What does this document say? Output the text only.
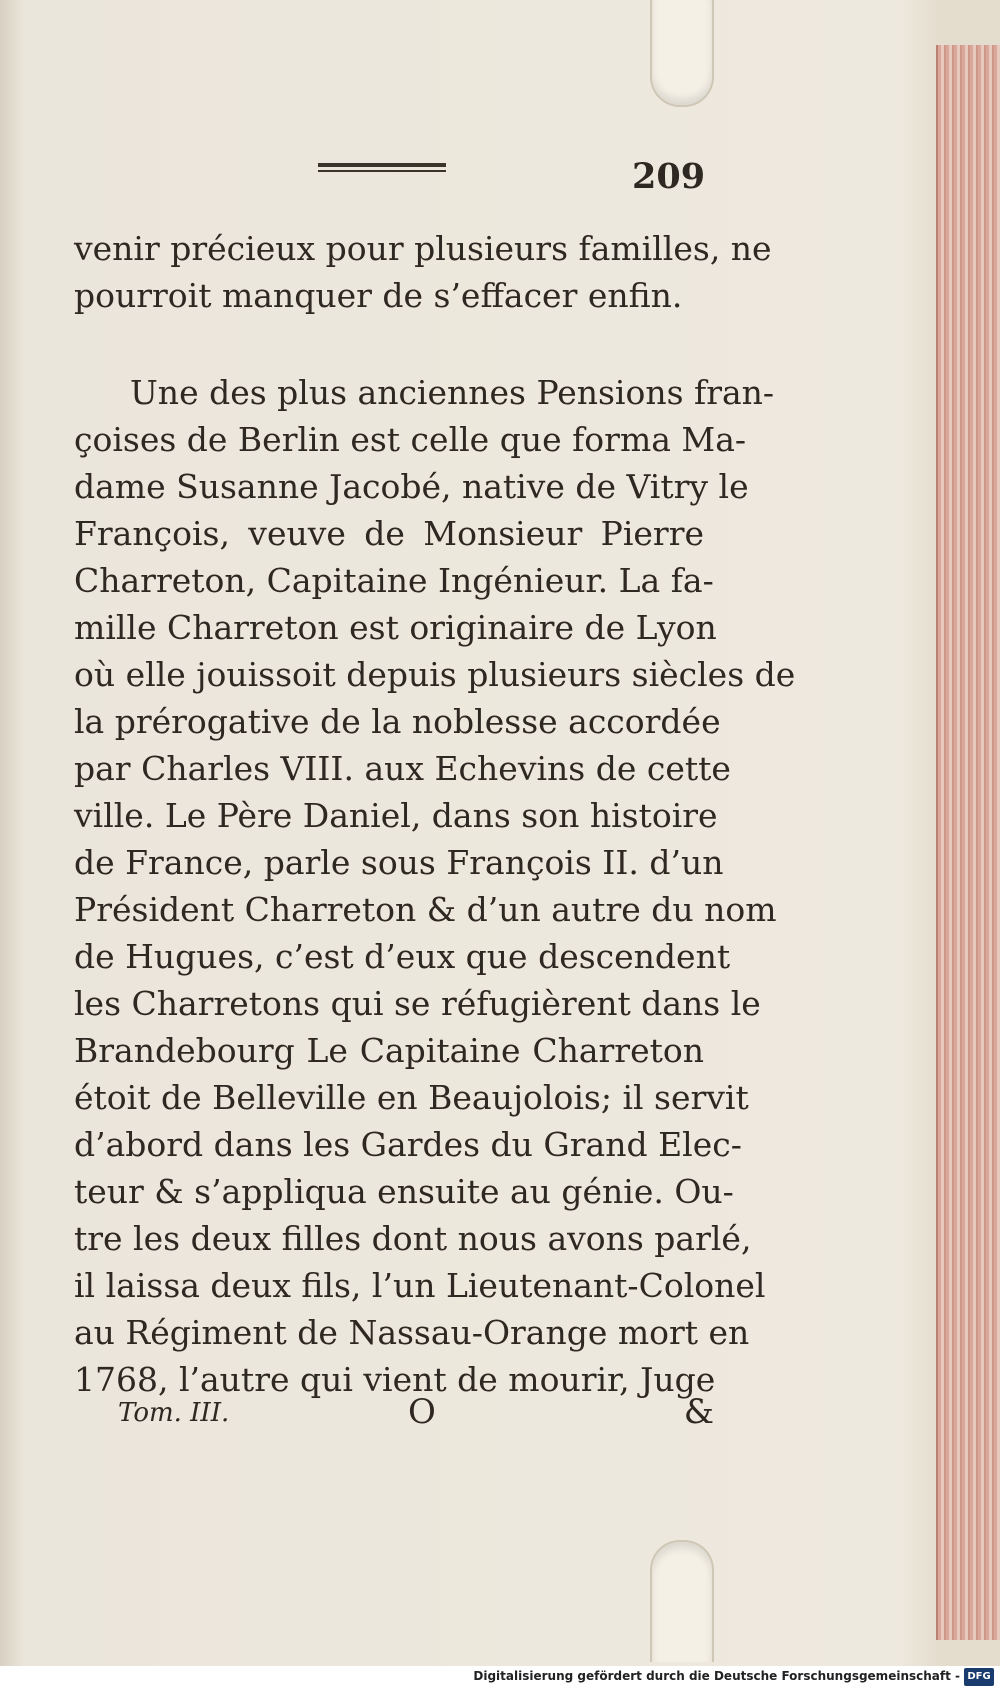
209
venir précieux pour plusieurs familles, ne
pourroit manquer de s’effacer enfin.
Une des plus anciennes Pensions fran-
çoises de Berlin est celle que forma Ma-
dame Susanne Jacobé, native de Vitry le
François, veuve de Monsieur Pierre
Charreton, Capitaine Ingénieur. La fa-
mille Charreton est originaire de Lyon
où elle jouissoit depuis plusieurs siècles de
la prérogative de la noblesse accordée
par Charles VIII. aux Echevins de cette
ville. Le Père Daniel, dans son histoire
de France, parle sous François II. d’un
Président Charreton & d’un autre du nom
de Hugues, c’est d’eux que descendent
les Charretons qui se réfugièrent dans le
Brandebourg Le Capitaine Charreton
étoit de Belleville en Beaujolois; il servit
d’abord dans les Gardes du Grand Elec-
teur & s’appliqua ensuite au génie. Ou-
tre les deux filles dont nous avons parlé,
il laissa deux fils, l’un Lieutenant-Colonel
au Régiment de Nassau-Orange mort en
1768, l’autre qui vient de mourir, Juge
Tom. III.	O	&
Digitalisierung gefördert durch die Deutsche Forschungsgemeinschaft - DFG
